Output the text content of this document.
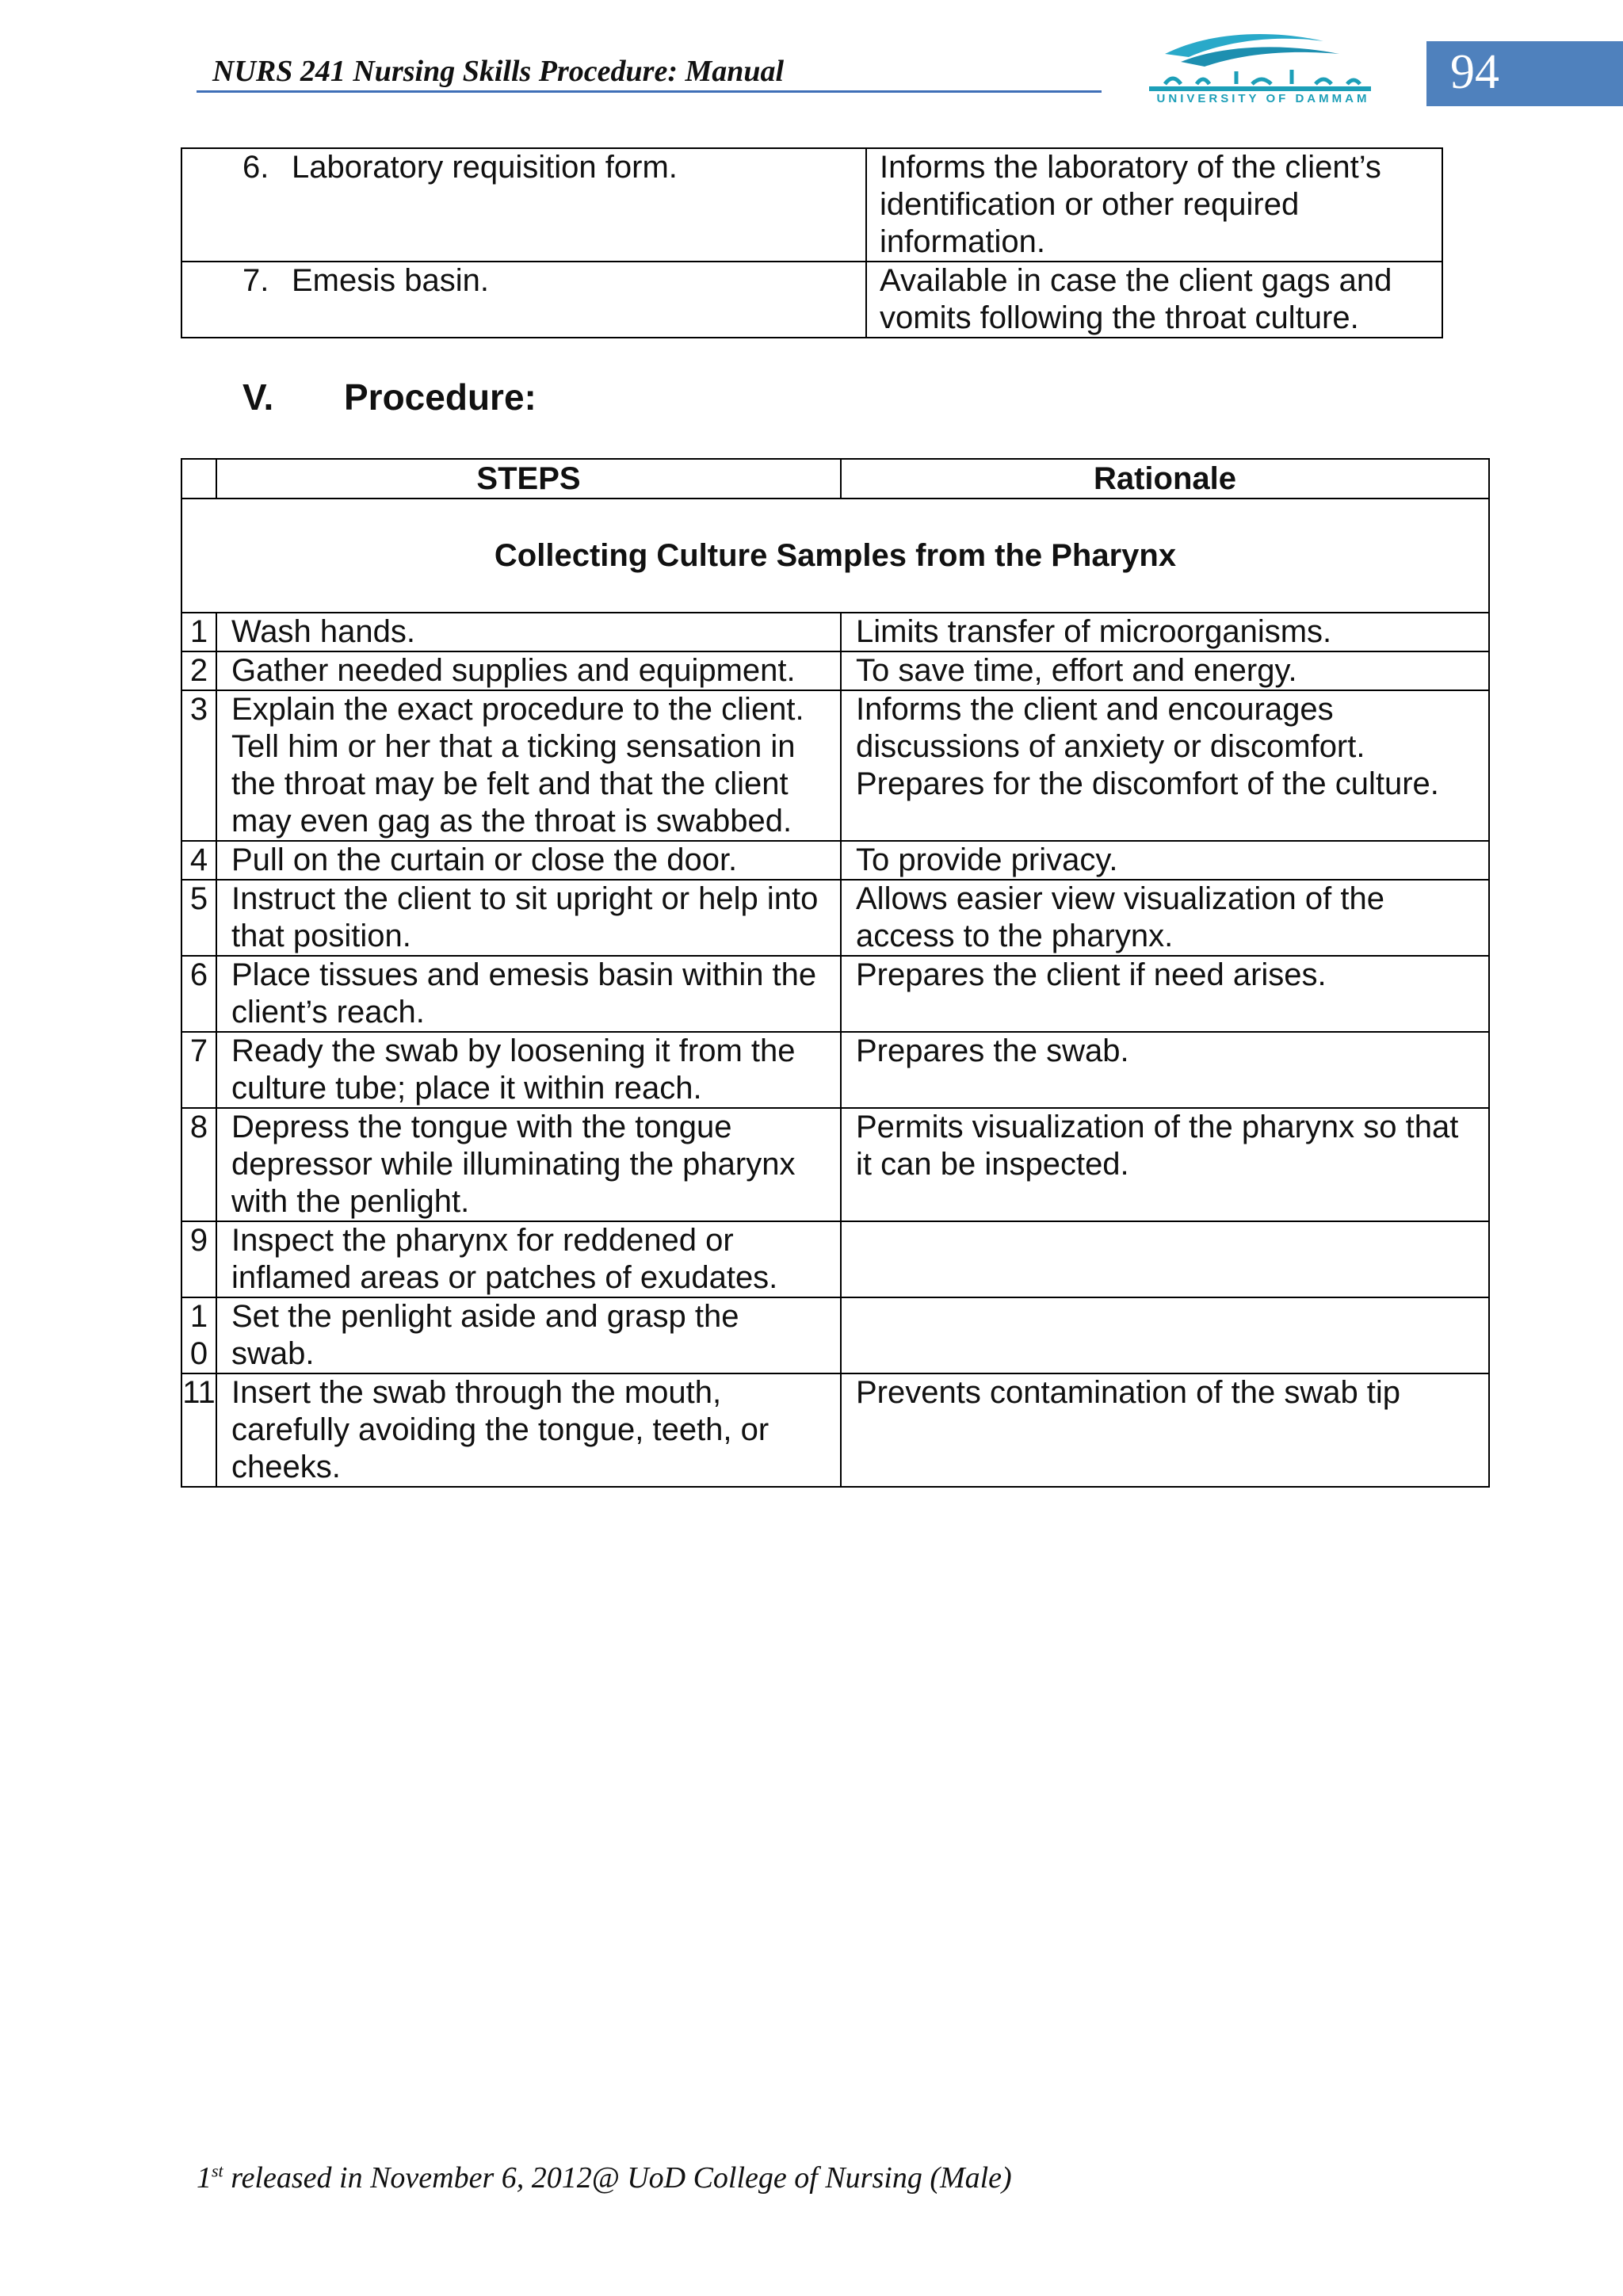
NURS 241 Nursing Skills Procedure: Manual
UNIVERSITY OF DAMMAM	94
6. Laboratory requisition form.	Informs the laboratory of the client’s identification or other required information.
7. Emesis basin.	Available in case the client gags and vomits following the throat culture.
V. Procedure:
	STEPS	Rationale
Collecting Culture Samples from the Pharynx		
1	Wash hands.	Limits transfer of microorganisms.
2	Gather needed supplies and equipment.	To save time, effort and energy.
3	Explain the exact procedure to the client. Tell him or her that a ticking sensation in the throat may be felt and that the client may even gag as the throat is swabbed.	Informs the client and encourages discussions of anxiety or discomfort. Prepares for the discomfort of the culture.
4	Pull on the curtain or close the door.	To provide privacy.
5	Instruct the client to sit upright or help into that position.	Allows easier view visualization of the access to the pharynx.
6	Place tissues and emesis basin within the client’s reach.	Prepares the client if need arises.
7	Ready the swab by loosening it from the culture tube; place it within reach.	Prepares the swab.
8	Depress the tongue with the tongue depressor while illuminating the pharynx with the penlight.	Permits visualization of the pharynx so that it can be inspected.
9	Inspect the pharynx for reddened or inflamed areas or patches of exudates.	
10	Set the penlight aside and grasp the swab.	
11	Insert the swab through the mouth, carefully avoiding the tongue, teeth, or cheeks.	Prevents contamination of the swab tip
1st released in November 6, 2012@ UoD College of Nursing (Male)
